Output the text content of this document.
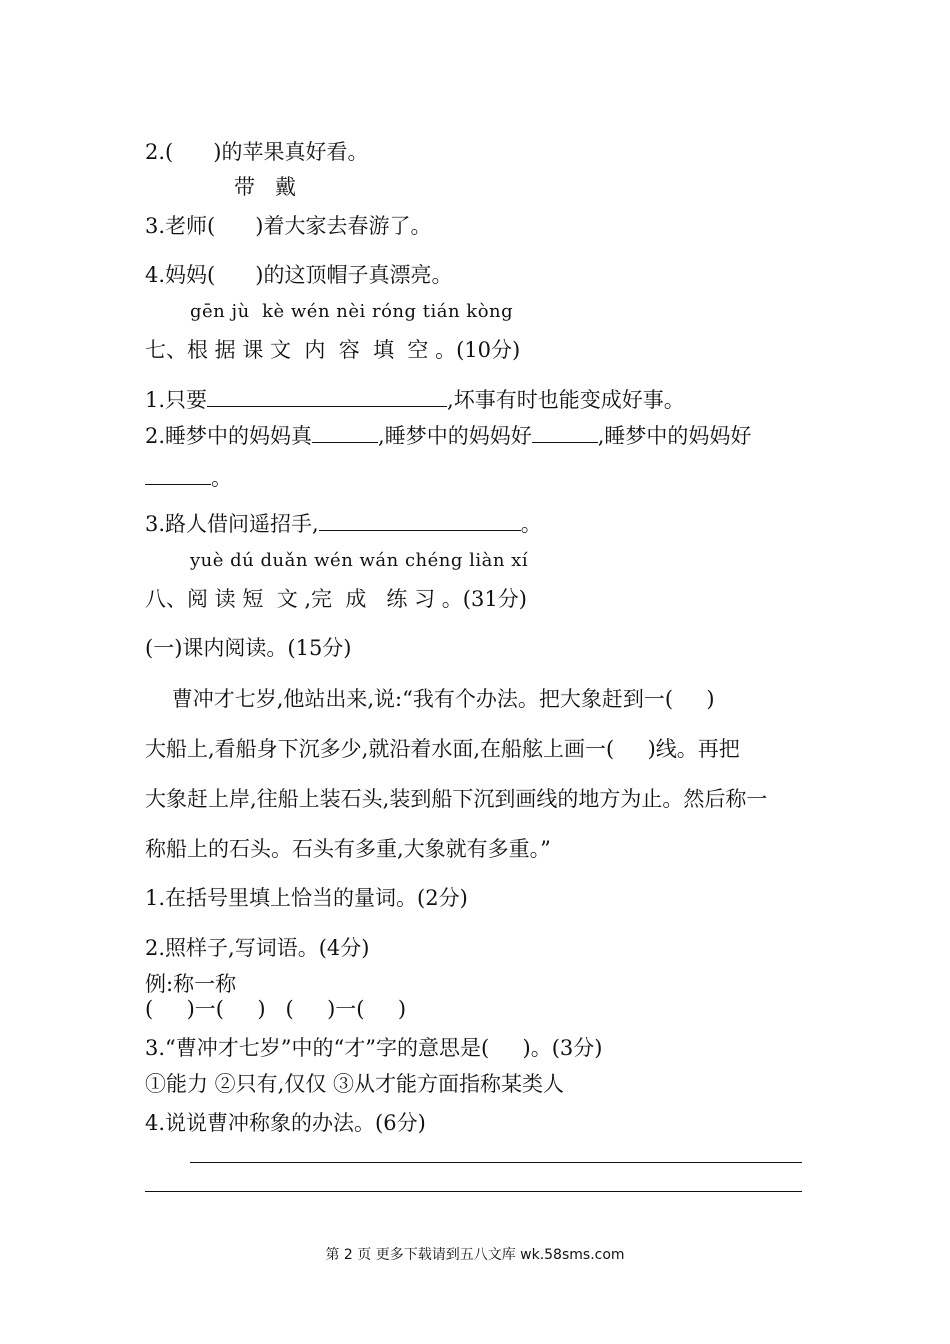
2.(      )的苹果真好看。
带   戴
3.老师(      )着大家去春游了。
4.妈妈(      )的这顶帽子真漂亮。
gēn jù  kè wén nèi róng tián kòng
七、根 据 课 文  内  容  填  空 。(10分)
1.只要	,坏事有时也能变成好事。
2.睡梦中的妈妈真	,睡梦中的妈妈好	,睡梦中的妈妈好
。
3.路人借问遥招手,	。
yuè dú duǎn wén wán chéng liàn xí
八、阅 读 短  文 ,完  成   练 习 。(31分)
(一)课内阅读。(15分)
曹冲才七岁,他站出来,说:“我有个办法。把大象赶到一(     )
大船上,看船身下沉多少,就沿着水面,在船舷上画一(     )线。再把
大象赶上岸,往船上装石头,装到船下沉到画线的地方为止。然后称一
称船上的石头。石头有多重,大象就有多重。”
1.在括号里填上恰当的量词。(2分)
2.照样子,写词语。(4分)
例:称一称
(     )一(     )   (     )一(     )
3.“曹冲才七岁”中的“才”字的意思是(     )。(3分)
①能力 ②只有,仅仅 ③从才能方面指称某类人
4.说说曹冲称象的办法。(6分)
第 2 页 更多下载请到五八文库 wk.58sms.com
